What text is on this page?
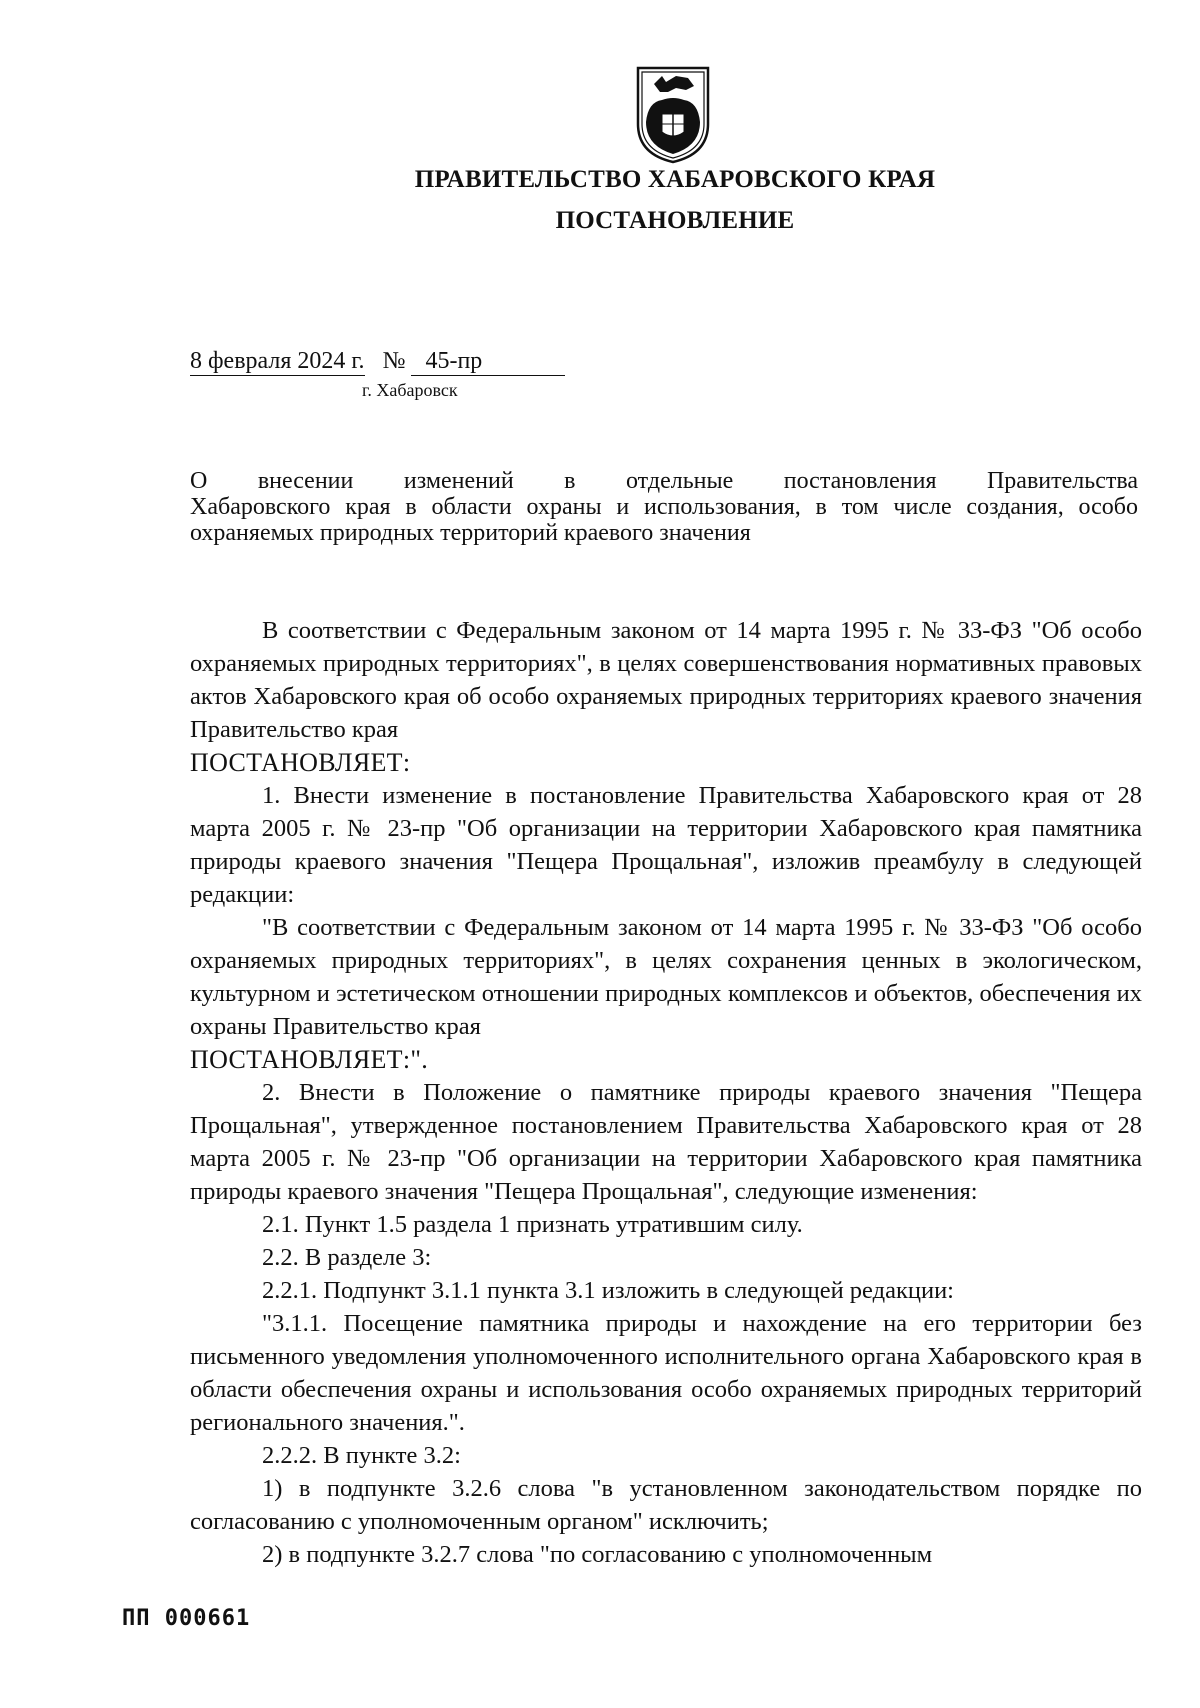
ПРАВИТЕЛЬСТВО ХАБАРОВСКОГО КРАЯ
ПОСТАНОВЛЕНИЕ
8 февраля 2024 г. № 45-пр
г. Хабаровск
О внесении изменений в отдельные постановления Правительства
Хабаровского края в области охраны и использования, в том числе создания, особо охраняемых природных территорий краевого значения

В соответствии с Федеральным законом от 14 марта 1995 г. № 33-ФЗ "Об особо охраняемых природных территориях", в целях совершенствования нормативных правовых актов Хабаровского края об особо охраняемых природных территориях краевого значения Правительство края

ПОСТАНОВЛЯЕТ:

1. Внести изменение в постановление Правительства Хабаровского края от 28 марта 2005 г. № 23-пр "Об организации на территории Хабаровского края памятника природы краевого значения "Пещера Прощальная", изложив преамбулу в следующей редакции:

"В соответствии с Федеральным законом от 14 марта 1995 г. № 33-ФЗ "Об особо охраняемых природных территориях", в целях сохранения ценных в экологическом, культурном и эстетическом отношении природных комплексов и объектов, обеспечения их охраны Правительство края

ПОСТАНОВЛЯЕТ:".

2. Внести в Положение о памятнике природы краевого значения "Пещера Прощальная", утвержденное постановлением Правительства Хабаровского края от 28 марта 2005 г. № 23-пр "Об организации на территории Хабаровского края памятника природы краевого значения "Пещера Прощальная", следующие изменения:

2.1. Пункт 1.5 раздела 1 признать утратившим силу.

2.2. В разделе 3:

2.2.1. Подпункт 3.1.1 пункта 3.1 изложить в следующей редакции:

"3.1.1. Посещение памятника природы и нахождение на его территории без письменного уведомления уполномоченного исполнительного органа Хабаровского края в области обеспечения охраны и использования особо охраняемых природных территорий регионального значения.".

2.2.2. В пункте 3.2:

1) в подпункте 3.2.6 слова "в установленном законодательством порядке по согласованию с уполномоченным органом" исключить;

2) в подпункте 3.2.7 слова "по согласованию с уполномоченным

ПП 000661
